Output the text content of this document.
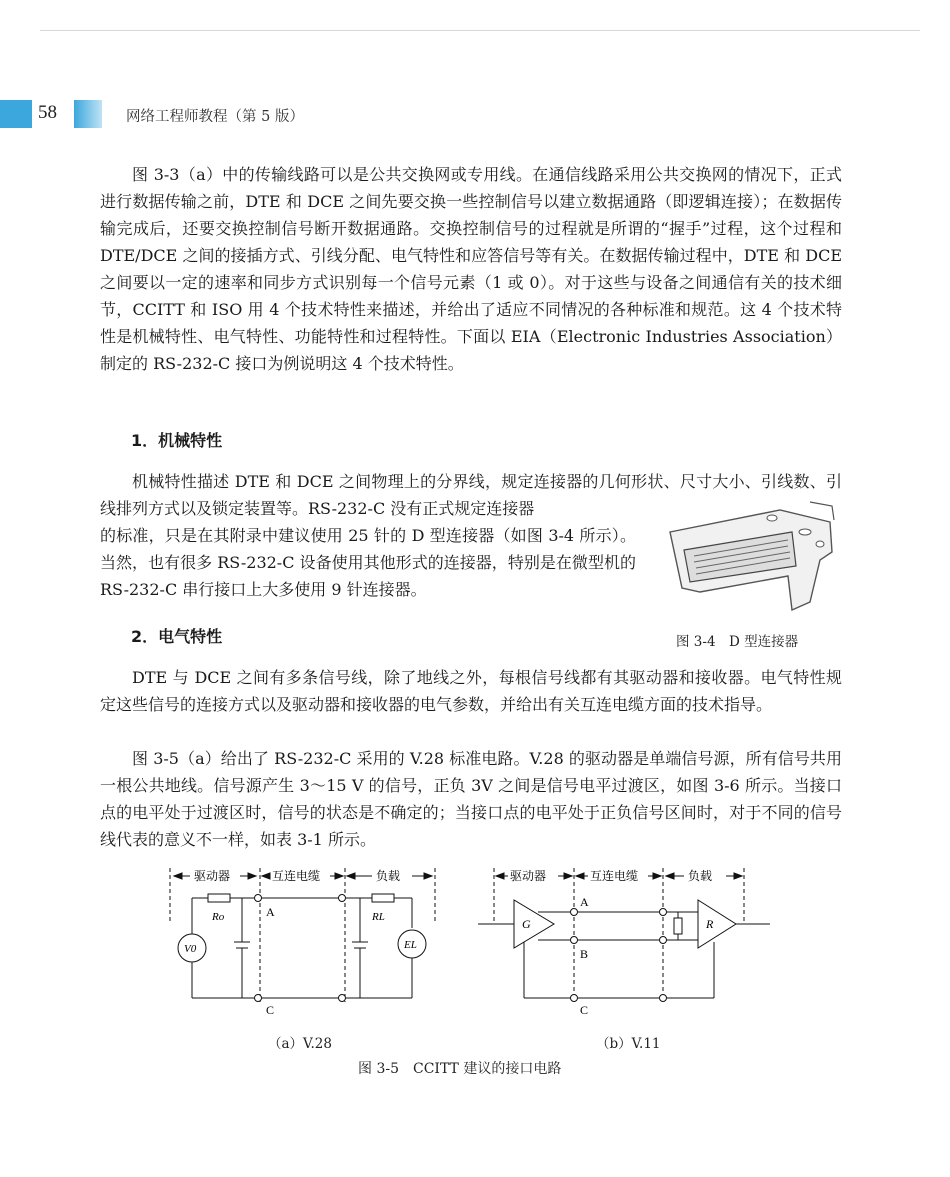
58	网络工程师教程（第 5 版）

图 3-3（a）中的传输线路可以是公共交换网或专用线。在通信线路采用公共交换网的情况下，正式进行数据传输之前，DTE 和 DCE 之间先要交换一些控制信号以建立数据通路（即逻辑连接）；在数据传输完成后，还要交换控制信号断开数据通路。交换控制信号的过程就是所谓的“握手”过程，这个过程和 DTE/DCE 之间的接插方式、引线分配、电气特性和应答信号等有关。在数据传输过程中，DTE 和 DCE 之间要以一定的速率和同步方式识别每一个信号元素（1 或 0）。对于这些与设备之间通信有关的技术细节，CCITT 和 ISO 用 4 个技术特性来描述，并给出了适应不同情况的各种标准和规范。这 4 个技术特性是机械特性、电气特性、功能特性和过程特性。下面以 EIA（Electronic Industries Association）制定的 RS-232-C 接口为例说明这 4 个技术特性。

1．机械特性

机械特性描述 DTE 和 DCE 之间物理上的分界线，规定连接器的几何形状、尺寸大小、引线数、引线排列方式以及锁定装置等。RS-232-C 没有正式规定连接器

的标准，只是在其附录中建议使用 25 针的 D 型连接器（如图 3-4 所示）。当然，也有很多 RS-232-C 设备使用其他形式的连接器，特别是在微型机的 RS-232-C 串行接口上大多使用 9 针连接器。

图 3-4　D 型连接器
2．电气特性

DTE 与 DCE 之间有多条信号线，除了地线之外，每根信号线都有其驱动器和接收器。电气特性规定这些信号的连接方式以及驱动器和接收器的电气参数，并给出有关互连电缆方面的技术指导。

图 3-5（a）给出了 RS-232-C 采用的 V.28 标准电路。V.28 的驱动器是单端信号源，所有信号共用一根公共地线。信号源产生 3～15 V 的信号，正负 3V 之间是信号电平过渡区，如图 3-6 所示。当接口点的电平处于过渡区时，信号的状态是不确定的；当接口点的电平处于正负信号区间时，对于不同的信号线代表的意义不一样，如表 3-1 所示。

驱动器	互连电缆	负载
A
C
Ro	RL
V0	EL
驱动器	互连电缆	负载
A
B
C
G	R
（a）V.28	（b）V.11
图 3-5　CCITT 建议的接口电路
